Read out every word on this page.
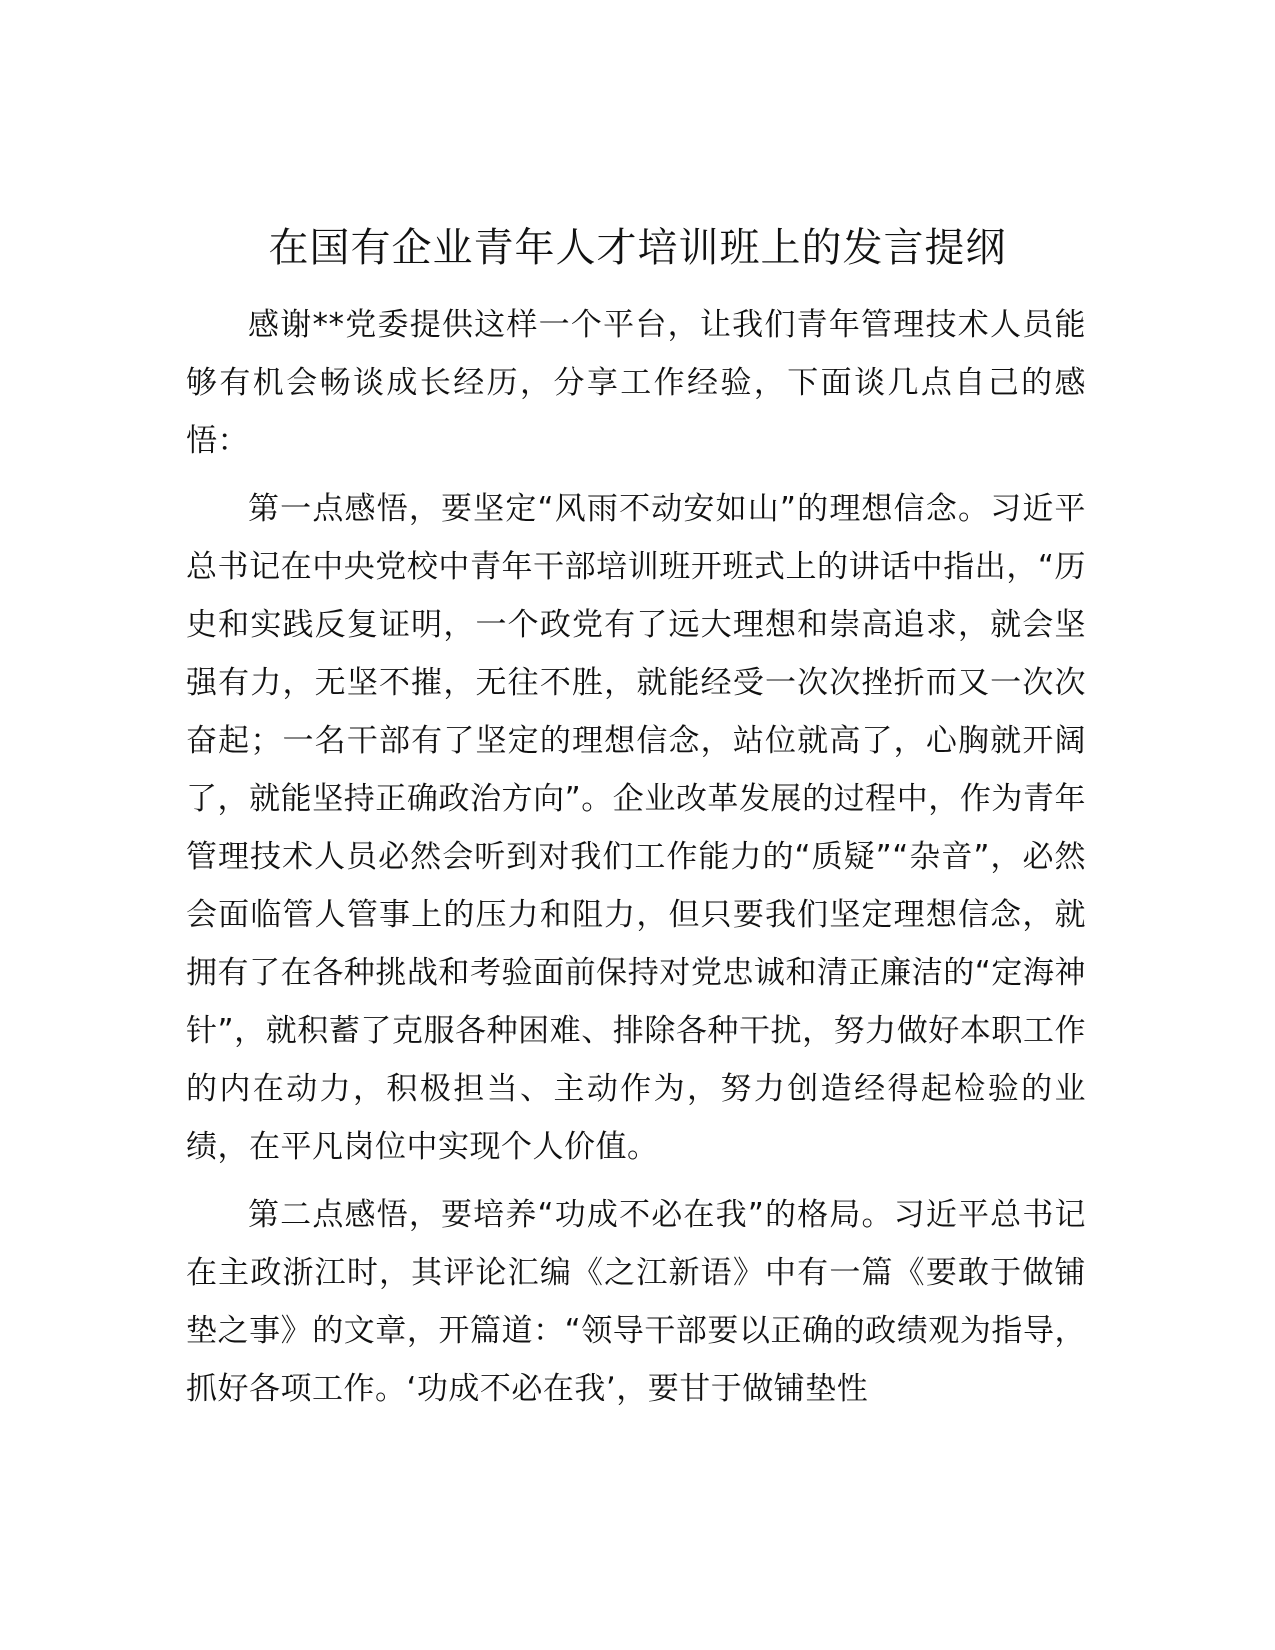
在国有企业青年人才培训班上的发言提纲

感谢**党委提供这样一个平台，让我们青年管理技术人员能够有机会畅谈成长经历，分享工作经验，下面谈几点自己的感悟：

第一点感悟，要坚定“风雨不动安如山”的理想信念。习近平总书记在中央党校中青年干部培训班开班式上的讲话中指出，“历史和实践反复证明，一个政党有了远大理想和崇高追求，就会坚强有力，无坚不摧，无往不胜，就能经受一次次挫折而又一次次奋起；一名干部有了坚定的理想信念，站位就高了，心胸就开阔了，就能坚持正确政治方向”。企业改革发展的过程中，作为青年管理技术人员必然会听到对我们工作能力的“质疑”“杂音”，必然会面临管人管事上的压力和阻力，但只要我们坚定理想信念，就拥有了在各种挑战和考验面前保持对党忠诚和清正廉洁的“定海神针”，就积蓄了克服各种困难、排除各种干扰，努力做好本职工作的内在动力，积极担当、主动作为，努力创造经得起检验的业绩，在平凡岗位中实现个人价值。

第二点感悟，要培养“功成不必在我”的格局。习近平总书记在主政浙江时，其评论汇编《之江新语》中有一篇《要敢于做铺垫之事》的文章，开篇道：“领导干部要以正确的政绩观为指导，抓好各项工作。‘功成不必在我’，要甘于做铺垫性
